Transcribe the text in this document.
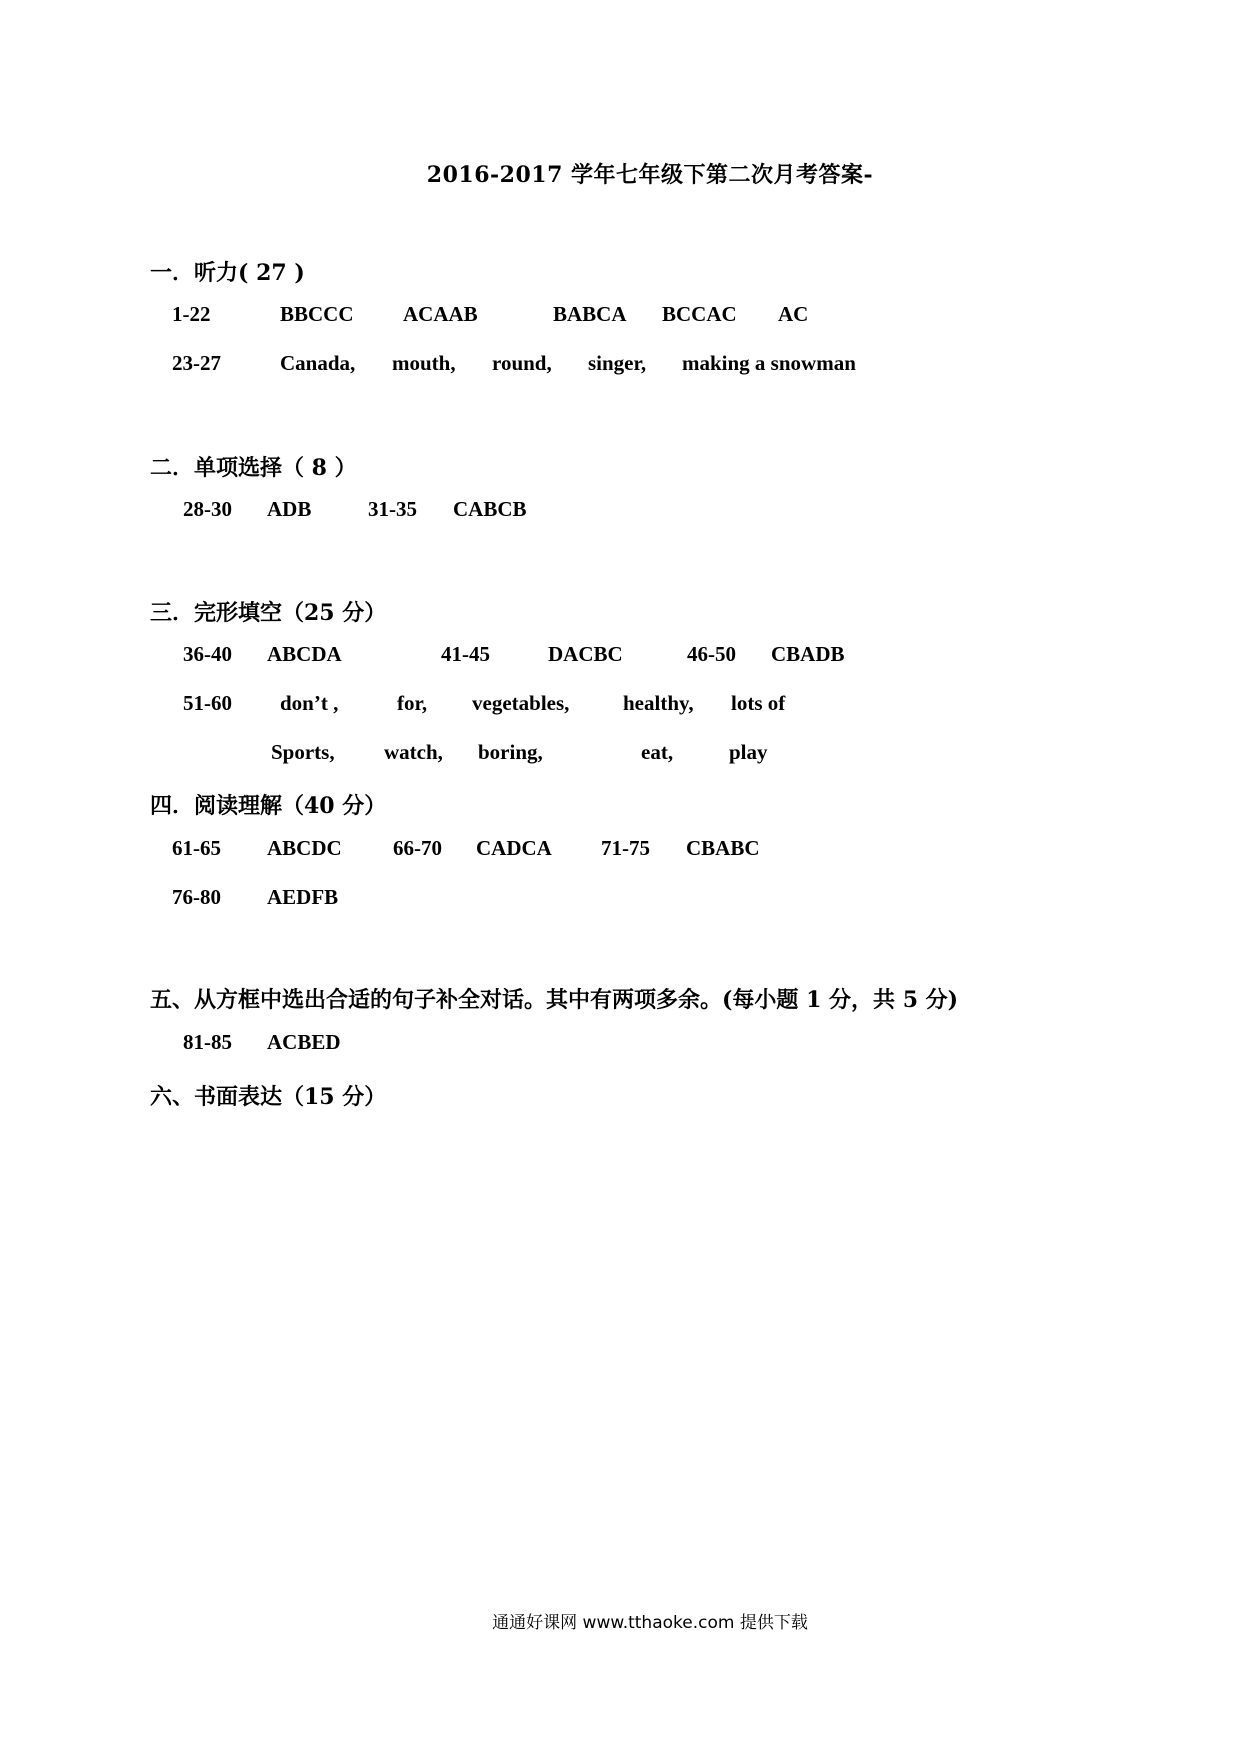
2016-2017 学年七年级下第二次月考答案-
一．听力( 27 )
1-22	BBCCC ACAAB	BABCA BCCAC AC
23-27	Canada, mouth, round, singer, making a snowman
二．单项选择（ 8 ）
28-30 ADB	31-35 CABCB
三．完形填空（25 分）
36-40 ABCDA	41-45	DACBC	46-50 CBADB
51-60 don’t ,	for, vegetables,	healthy, lots of
Sports, watch, boring,	eat,	play
四．阅读理解（40 分）
61-65 ABCDC 66-70 CADCA 71-75 CBABC
76-80 AEDFB
五、从方框中选出合适的句子补全对话。其中有两项多余。(每小题 1 分，共 5 分)
81-85 ACBED
六、书面表达（15 分）
通通好课网 www.tthaoke.com 提供下载
